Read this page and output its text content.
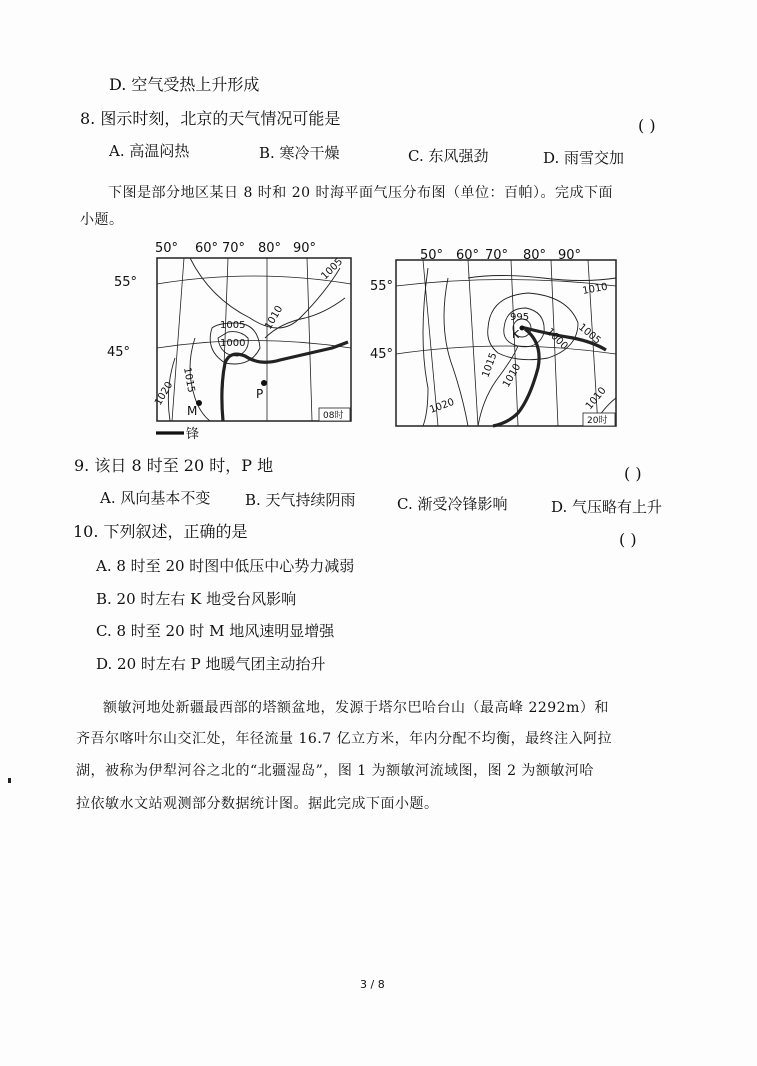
D. 空气受热上升形成
8. 图示时刻，北京的天气情况可能是	( )
A. 高温闷热	B. 寒冷干燥	C. 东风强劲	D. 雨雪交加
下图是部分地区某日 8 时和 20 时海平面气压分布图（单位：百帕）。完成下面
小题。
50° 60° 70° 80° 90°
55°
45°
1005
1005 1010
1000
1015
1020
M
P
08时
锋
50° 60° 70° 80° 90°
55°
45°
995
1000 1005
1010
1015 1010
1020	1010
K
20时
9. 该日 8 时至 20 时，P 地	( )
A. 风向基本不变 B. 天气持续阴雨	C. 渐受冷锋影响	D. 气压略有上升
10. 下列叙述，正确的是	( )
A. 8 时至 20 时图中低压中心势力减弱
B. 20 时左右 K 地受台风影响
C. 8 时至 20 时 M 地风速明显增强
D. 20 时左右 P 地暖气团主动抬升
额敏河地处新疆最西部的塔额盆地，发源于塔尔巴哈台山（最高峰 2292m）和
齐吾尔喀叶尔山交汇处，年径流量 16.7 亿立方米，年内分配不均衡，最终注入阿拉
湖，被称为伊犁河谷之北的“北疆湿岛”，图 1 为额敏河流域图，图 2 为额敏河哈
拉依敏水文站观测部分数据统计图。据此完成下面小题。
3 / 8
